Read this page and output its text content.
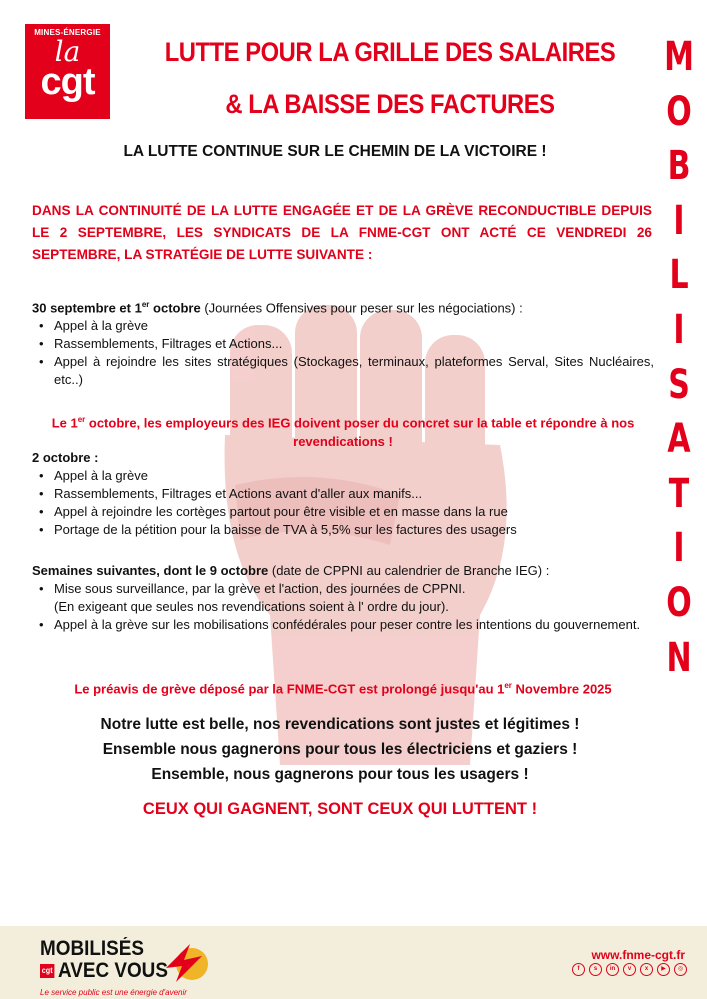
MINES-ÉNERGIE
la
cgt
LUTTE POUR LA GRILLE DES SALAIRES
& LA BAISSE DES FACTURES
M
O
B
I
L
I
S
A
T
I
O
N
LA LUTTE CONTINUE SUR LE CHEMIN DE LA VICTOIRE !
DANS LA CONTINUITÉ DE LA LUTTE ENGAGÉE ET DE LA GRÈVE RECONDUCTIBLE DEPUIS LE 2 SEPTEMBRE, LES SYNDICATS DE LA FNME-CGT ONT ACTÉ CE VENDREDI 26 SEPTEMBRE, LA STRATÉGIE DE LUTTE SUIVANTE :
30 septembre et 1er octobre (Journées Offensives pour peser sur les négociations) :
• Appel à la grève
• Rassemblements, Filtrages et Actions...
• Appel à rejoindre les sites stratégiques (Stockages, terminaux, plateformes Serval, Sites Nucléaires, etc..)
Le 1er octobre, les employeurs des IEG doivent poser du concret sur la table et répondre à nos revendications !
2 octobre :
• Appel à la grève
• Rassemblements, Filtrages et Actions avant d'aller aux manifs...
• Appel à rejoindre les cortèges partout pour être visible et en masse dans la rue
• Portage de la pétition pour la baisse de TVA à 5,5% sur les factures des usagers
Semaines suivantes, dont le 9 octobre (date de CPPNI au calendrier de Branche IEG) :
• Mise sous surveillance, par la grève et l'action, des journées de CPPNI.
(En exigeant que seules nos revendications soient à l' ordre du jour).
• Appel à la grève sur les mobilisations confédérales pour peser contre les intentions du gouvernement.
Le préavis de grève déposé par la FNME-CGT est prolongé jusqu'au 1er Novembre 2025
Notre lutte est belle, nos revendications sont justes et légitimes !
Ensemble nous gagnerons pour tous les électriciens et gaziers !
Ensemble, nous gagnerons pour tous les usagers !
CEUX QUI GAGNENT, SONT CEUX QUI LUTTENT !
MOBILISÉS
cgt AVEC VOUS
Le service public est une énergie d'avenir
www.fnme-cgt.fr
f	s	in	v	x	▶	◎
